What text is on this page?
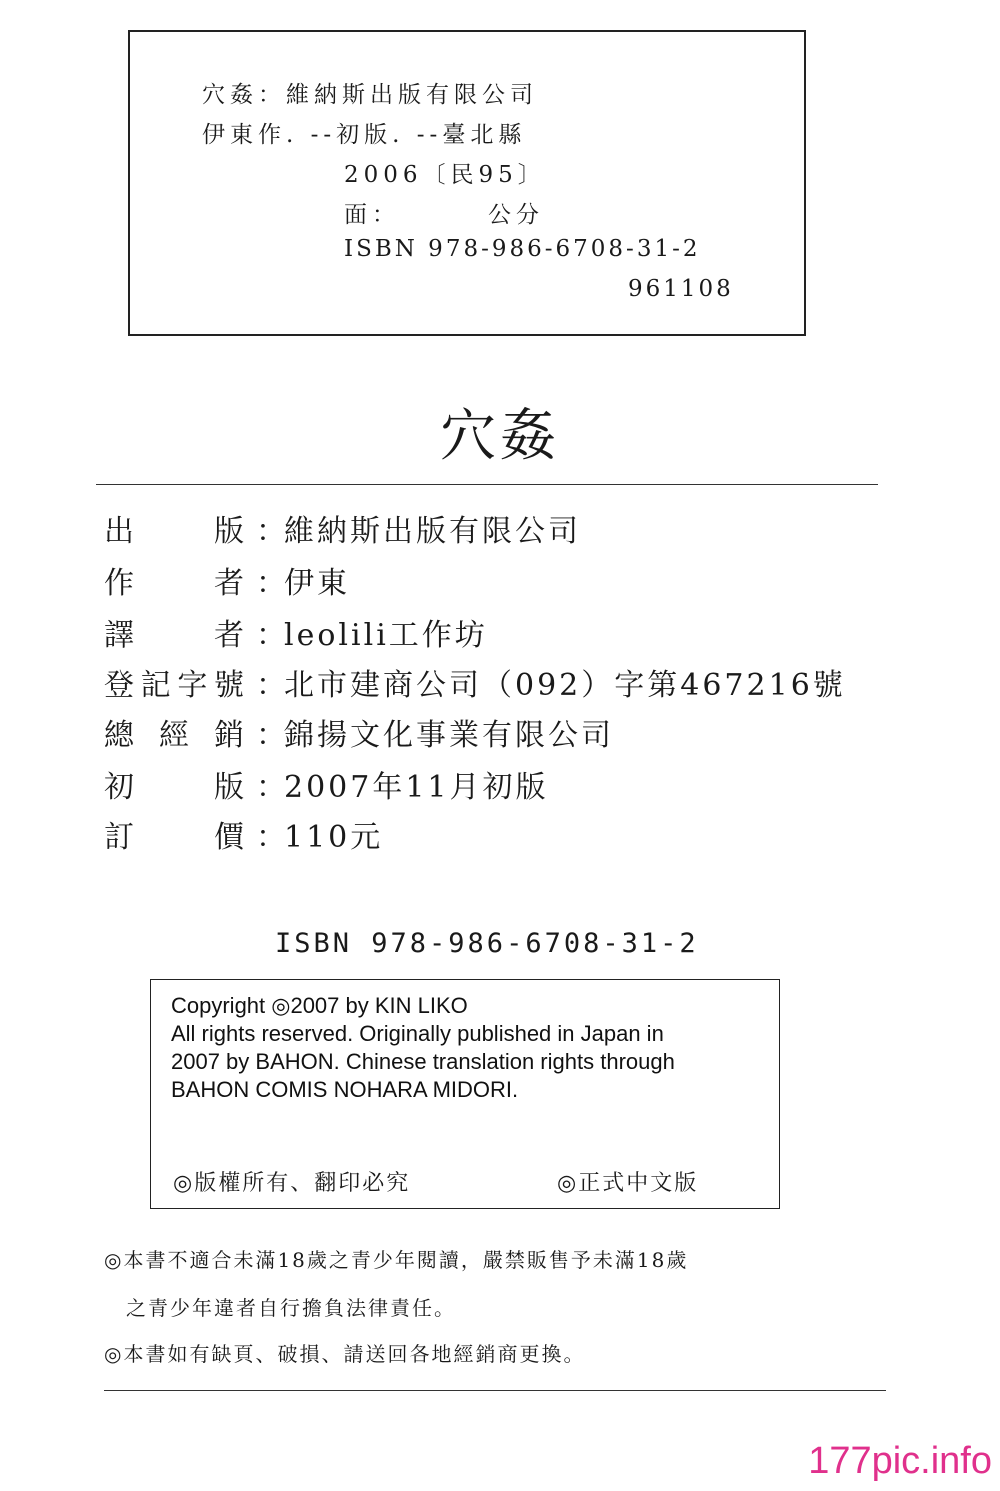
穴姦：維納斯出版有限公司
伊東作. --初版. --臺北縣
2006〔民95〕
面：	公分
ISBN 978-986-6708-31-2
961108
穴姦
出	版 ：
維納斯出版有限公司
作	者 ：
伊東
譯	者 ：
leolili工作坊
登 記 字 號 ：
北市建商公司（092）字第467216號
總 經 銷 ：
錦揚文化事業有限公司
初	版 ：
2007年11月初版
訂	價 ：
110元
ISBN 978-986-6708-31-2
Copyright ◎2007 by KIN LIKO
All rights reserved. Originally published in Japan in
2007 by BAHON. Chinese translation rights through
BAHON COMIS NOHARA MIDORI.
◎版權所有、翻印必究	◎正式中文版
◎本書不適合未滿18歲之青少年閱讀，嚴禁販售予未滿18歲
之青少年違者自行擔負法律責任。
◎本書如有缺頁、破損、請送回各地經銷商更換。
177pic.info
